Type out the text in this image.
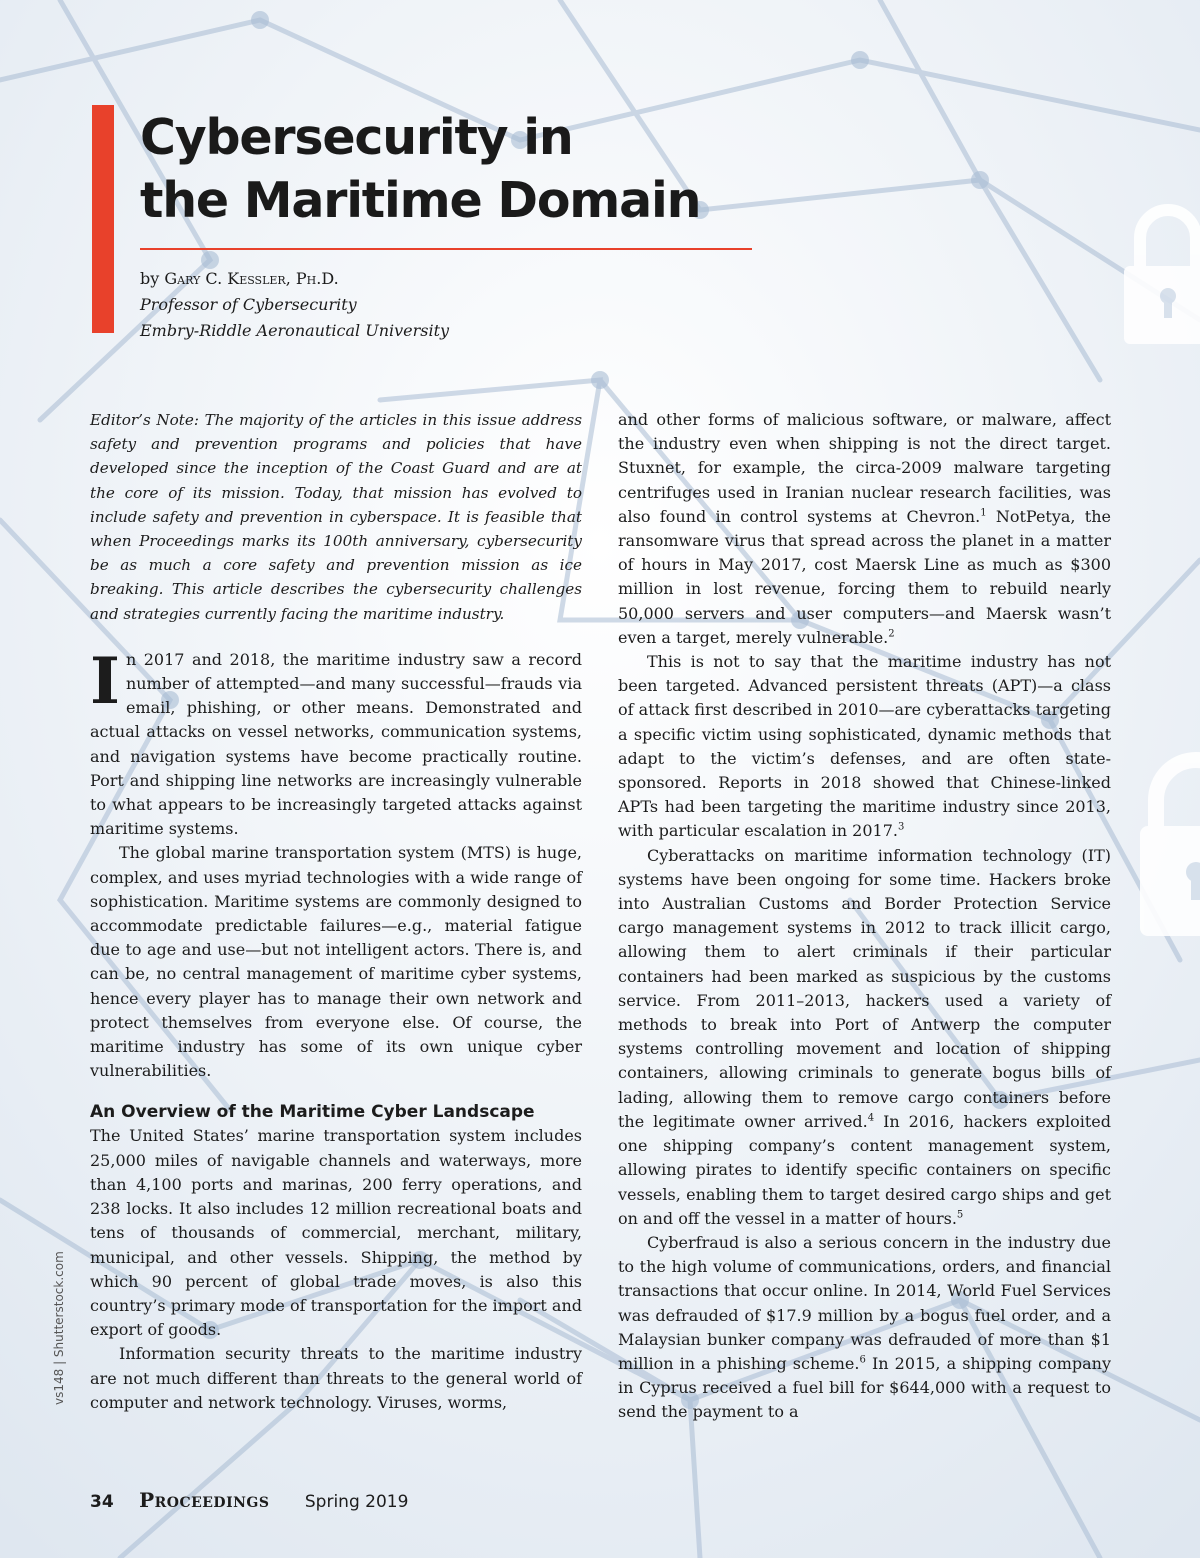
Cybersecurity in
the Maritime Domain
by Gary C. Kessler, Ph.D.
Professor of Cybersecurity
Embry-Riddle Aeronautical University

Editor’s Note: The majority of the articles in this issue address safety and prevention programs and policies that have developed since the inception of the Coast Guard and are at the core of its mission. Today, that mission has evolved to include safety and prevention in cyberspace. It is feasible that when Proceedings marks its 100th anniversary, cybersecurity be as much a core safety and prevention mission as ice breaking. This article describes the cybersecurity challenges and strategies currently facing the maritime industry.

In 2017 and 2018, the maritime industry saw a record number of attempted—and many successful—frauds via email, phishing, or other means. Demonstrated and actual attacks on vessel networks, communication systems, and navigation systems have become practically routine. Port and shipping line networks are increasingly vulnerable to what appears to be increasingly targeted attacks against maritime systems.

The global marine transportation system (MTS) is huge, complex, and uses myriad technologies with a wide range of sophistication. Maritime systems are commonly designed to accommodate predictable failures—e.g., material fatigue due to age and use—but not intelligent actors. There is, and can be, no central management of maritime cyber systems, hence every player has to manage their own network and protect themselves from everyone else. Of course, the maritime industry has some of its own unique cyber vulnerabilities.

An Overview of the Maritime Cyber Landscape

The United States’ marine transportation system includes 25,000 miles of navigable channels and waterways, more than 4,100 ports and marinas, 200 ferry operations, and 238 locks. It also includes 12 million recreational boats and tens of thousands of commercial, merchant, military, municipal, and other vessels. Shipping, the method by which 90 percent of global trade moves, is also this country’s primary mode of transportation for the import and export of goods.

Information security threats to the maritime industry are not much different than threats to the general world of computer and network technology. Viruses, worms,

and other forms of malicious software, or malware, affect the industry even when shipping is not the direct target. Stuxnet, for example, the circa-2009 malware targeting centrifuges used in Iranian nuclear research facilities, was also found in control systems at Chevron.$^1$ NotPetya, the ransomware virus that spread across the planet in a matter of hours in May 2017, cost Maersk Line as much as $300 million in lost revenue, forcing them to rebuild nearly 50,000 servers and user computers—and Maersk wasn’t even a target, merely vulnerable.$^2$

This is not to say that the maritime industry has not been targeted. Advanced persistent threats (APT)—a class of attack first described in 2010—are cyberattacks targeting a specific victim using sophisticated, dynamic methods that adapt to the victim’s defenses, and are often state-sponsored. Reports in 2018 showed that Chinese-linked APTs had been targeting the maritime industry since 2013, with particular escalation in 2017.$^3$

Cyberattacks on maritime information technology (IT) systems have been ongoing for some time. Hackers broke into Australian Customs and Border Protection Service cargo management systems in 2012 to track illicit cargo, allowing them to alert criminals if their particular containers had been marked as suspicious by the customs service. From 2011–2013, hackers used a variety of methods to break into Port of Antwerp the computer systems controlling movement and location of shipping containers, allowing criminals to generate bogus bills of lading, allowing them to remove cargo containers before the legitimate owner arrived.$^4$ In 2016, hackers exploited one shipping company’s content management system, allowing pirates to identify specific containers on specific vessels, enabling them to target desired cargo ships and get on and off the vessel in a matter of hours.$^5$

Cyberfraud is also a serious concern in the industry due to the high volume of communications, orders, and financial transactions that occur online. In 2014, World Fuel Services was defrauded of $17.9 million by a bogus fuel order, and a Malaysian bunker company was defrauded of more than $1 million in a phishing scheme.$^6$ In 2015, a shipping company in Cyprus received a fuel bill for $644,000 with a request to send the payment to a

vs148 | Shutterstock.com
34 Proceedings Spring 2019
